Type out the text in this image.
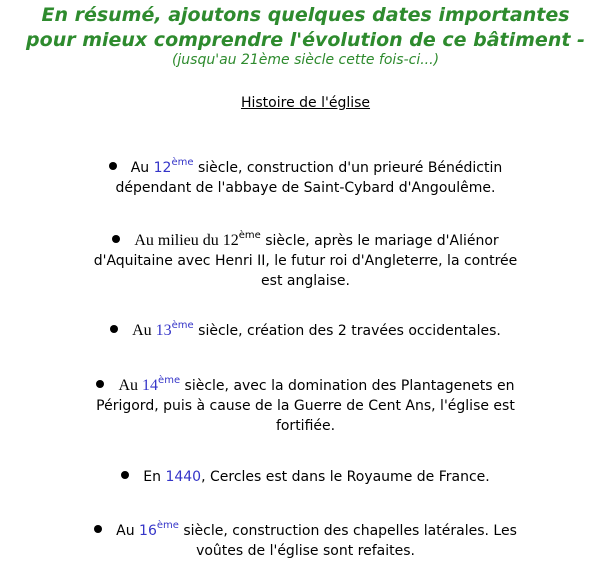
En résumé, ajoutons quelques dates importantes
pour mieux comprendre l'évolution de ce bâtiment -
(jusqu'au 21ème siècle cette fois-ci...)
Histoire de l'église
Au 12ème siècle, construction d'un prieuré Bénédictin
dépendant de l'abbaye de Saint-Cybard d'Angoulême.
Au milieu du 12ème siècle, après le mariage d'Aliénor
d'Aquitaine avec Henri II, le futur roi d'Angleterre, la contrée
est anglaise.
Au 13ème siècle, création des 2 travées occidentales.
Au 14ème siècle, avec la domination des Plantagenets en
Périgord, puis à cause de la Guerre de Cent Ans, l'église est
fortifiée.
En 1440, Cercles est dans le Royaume de France.
Au 16ème siècle, construction des chapelles latérales. Les
voûtes de l'église sont refaites.
